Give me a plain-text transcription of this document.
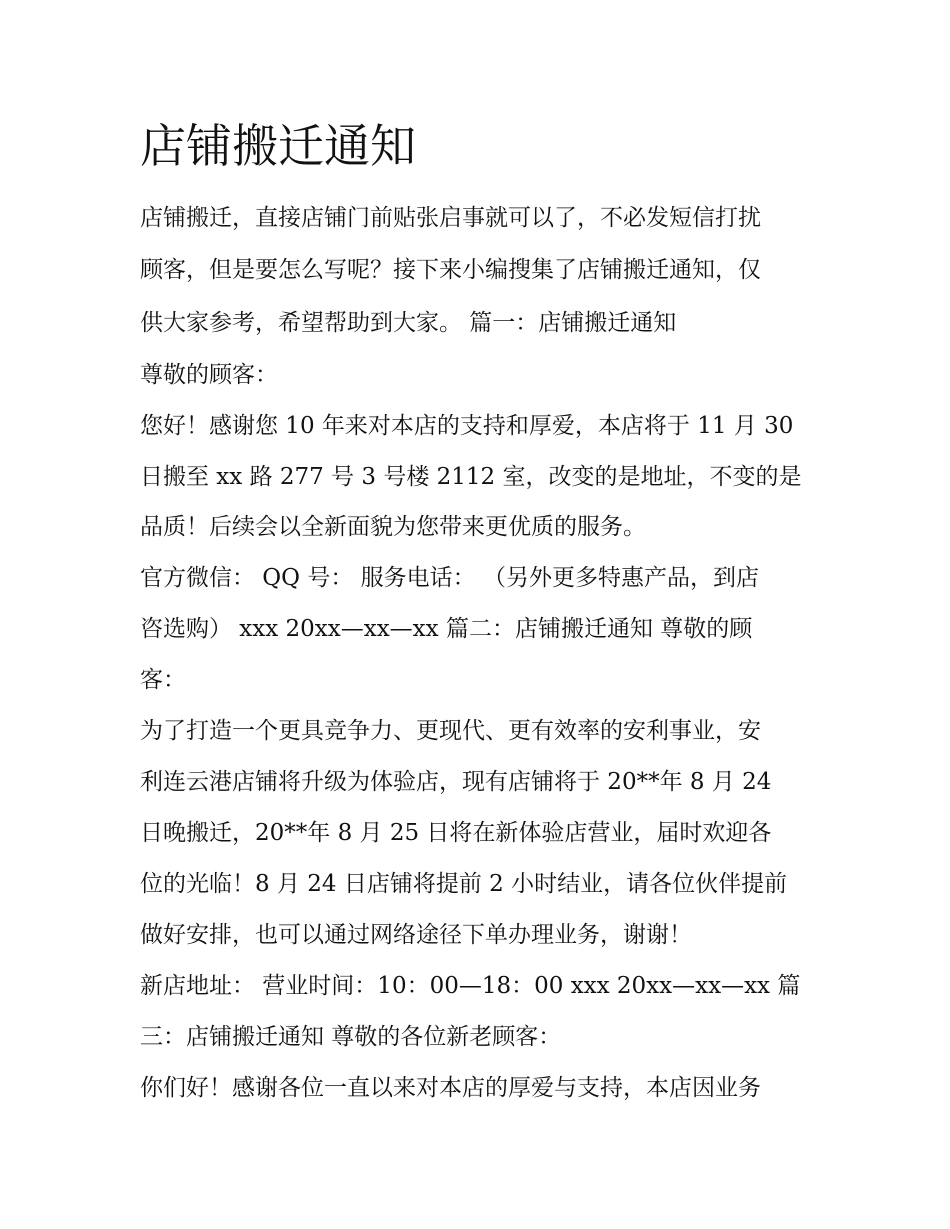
店铺搬迁通知

店铺搬迁，直接店铺门前贴张启事就可以了，不必发短信打扰

顾客，但是要怎么写呢？接下来小编搜集了店铺搬迁通知，仅

供大家参考，希望帮助到大家。 篇一：店铺搬迁通知

尊敬的顾客：

您好！感谢您 10 年来对本店的支持和厚爱，本店将于 11 月 30

日搬至 xx 路 277 号 3 号楼 2112 室，改变的是地址，不变的是

品质！后续会以全新面貌为您带来更优质的服务。

官方微信： QQ 号： 服务电话： （另外更多特惠产品，到店

咨选购） xxx 20xx—xx—xx 篇二：店铺搬迁通知 尊敬的顾

客：

为了打造一个更具竞争力、更现代、更有效率的安利事业，安

利连云港店铺将升级为体验店，现有店铺将于 20**年 8 月 24

日晚搬迁，20**年 8 月 25 日将在新体验店营业，届时欢迎各

位的光临！8 月 24 日店铺将提前 2 小时结业，请各位伙伴提前

做好安排，也可以通过网络途径下单办理业务，谢谢！

新店地址： 营业时间：10：00—18：00 xxx 20xx—xx—xx 篇

三：店铺搬迁通知 尊敬的各位新老顾客：

你们好！感谢各位一直以来对本店的厚爱与支持，本店因业务
